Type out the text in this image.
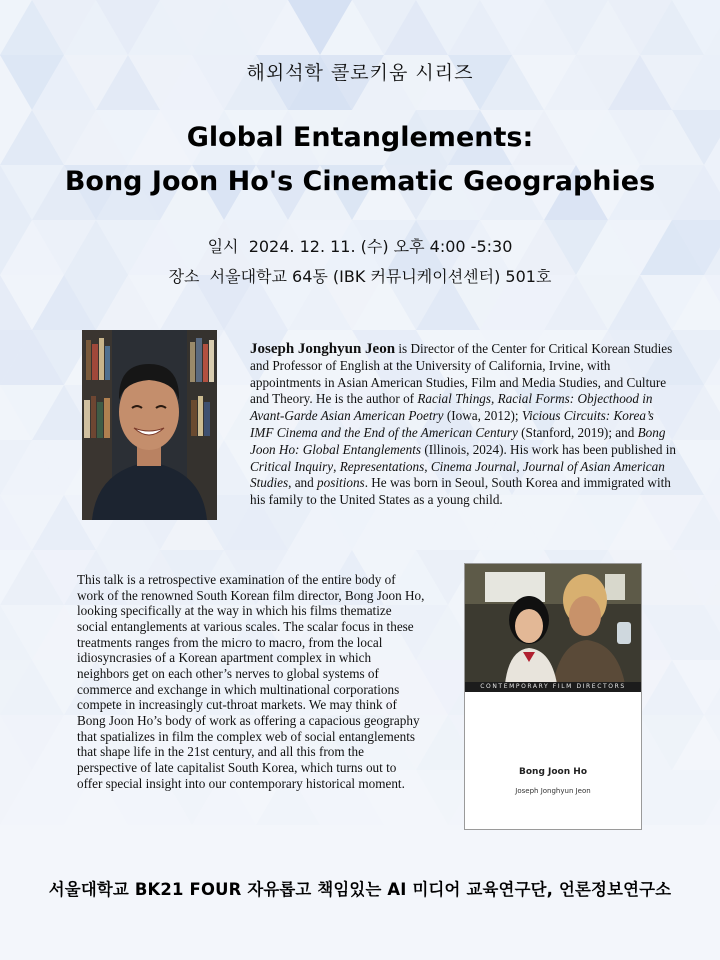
해외석학 콜로키움 시리즈
Global Entanglements:
Bong Joon Ho's Cinematic Geographies
일시 2024. 12. 11. (수) 오후 4:00 -5:30
장소 서울대학교 64동 (IBK 커뮤니케이션센터) 501호
Joseph Jonghyun Jeon is Director of the Center for Critical Korean Studies and Professor of English at the University of California, Irvine, with appointments in Asian American Studies, Film and Media Studies, and Culture and Theory. He is the author of Racial Things, Racial Forms: Objecthood in Avant-Garde Asian American Poetry (Iowa, 2012); Vicious Circuits: Korea’s IMF Cinema and the End of the American Century (Stanford, 2019); and Bong Joon Ho: Global Entanglements (Illinois, 2024). His work has been published in Critical Inquiry, Representations, Cinema Journal, Journal of Asian American Studies, and positions. He was born in Seoul, South Korea and immigrated with his family to the United States as a young child.
This talk is a retrospective examination of the entire body of work of the renowned South Korean film director, Bong Joon Ho, looking specifically at the way in which his films thematize social entanglements at various scales. The scalar focus in these treatments ranges from the micro to macro, from the local idiosyncrasies of a Korean apartment complex in which neighbors get on each other’s nerves to global systems of commerce and exchange in which multinational corporations compete in increasingly cut-throat markets. We may think of Bong Joon Ho’s body of work as offering a capacious geography that spatializes in film the complex web of social entanglements that shape life in the 21st century, and all this from the perspective of late capitalist South Korea, which turns out to offer special insight into our contemporary historical moment.
CONTEMPORARY FILM DIRECTORS
Bong Joon Ho
Joseph Jonghyun Jeon
서울대학교 BK21 FOUR 자유롭고 책임있는 AI 미디어 교육연구단, 언론정보연구소
